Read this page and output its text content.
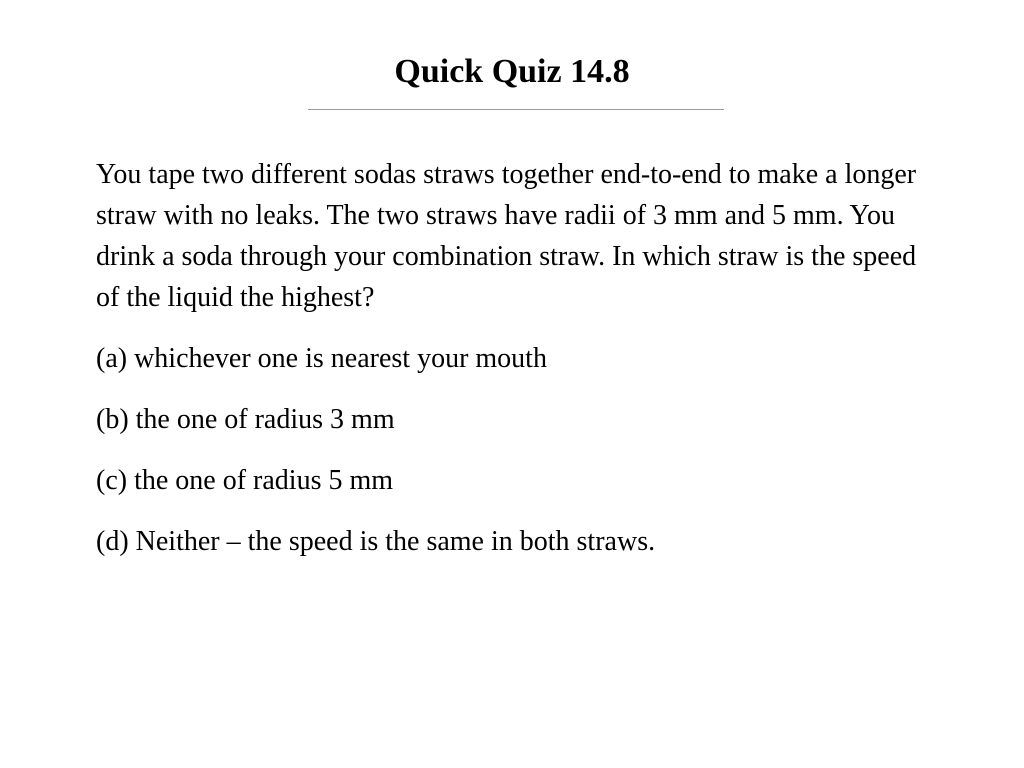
Quick Quiz 14.8

You tape two different sodas straws together end-to-end to make a longer straw with no leaks. The two straws have radii of 3 mm and 5 mm. You drink a soda through your combination straw. In which straw is the speed of the liquid the highest?

(a) whichever one is nearest your mouth

(b) the one of radius 3 mm

(c) the one of radius 5 mm

(d) Neither – the speed is the same in both straws.
